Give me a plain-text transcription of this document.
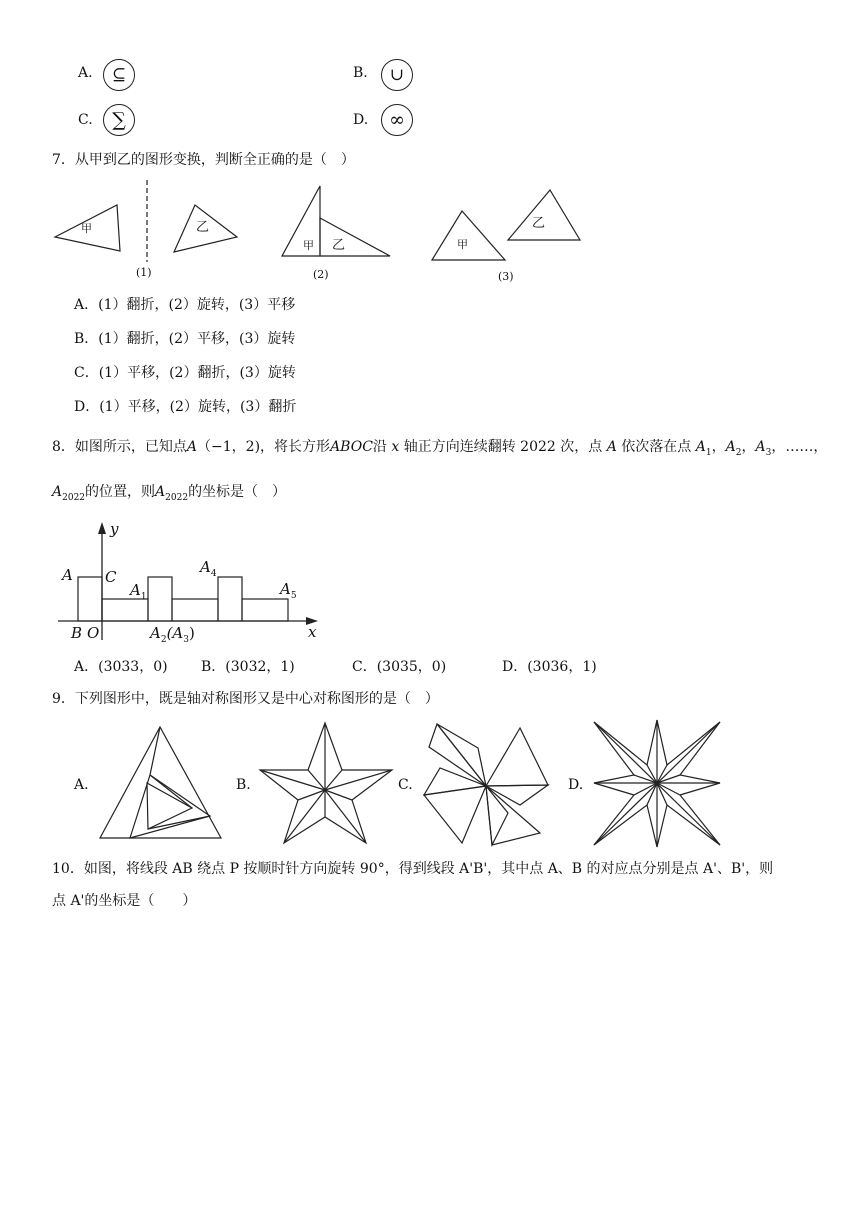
A.	⊆	B.	∪
C.	∑	D.	∞
7．从甲到乙的图形变换，判断全正确的是（　）
甲	乙
甲 乙	甲
乙
(1)	(2)	(3)
A．(1）翻折，(2）旋转，(3）平移
B．(1）翻折，(2）平移，(3）旋转
C．(1）平移，(2）翻折，(3）旋转
D．(1）平移，(2）旋转，(3）翻折
8．如图所示，已知点A（−1，2)，将长方形ABOC沿 x 轴正方向连续翻转 2022 次，点 A 依次落在点 $A_1$，$A_2$，$A_3$，……，
$A_{2022}$的位置，则$A_{2022}$的坐标是（　）
y
x
A C
B O
$A_1$
$A_4$
$A_5$
$A_2(A_3)$
A．(3033，0) B．(3032，1)	C．(3035，0)	D．(3036，1)
9．下列图形中，既是轴对称图形又是中心对称图形的是（　）
A.	B.	C.	D.
10．如图，将线段 AB 绕点 P 按顺时针方向旋转 90°，得到线段 A'B'，其中点 A、B 的对应点分别是点 A'、B'，则
点 A'的坐标是（　　）
